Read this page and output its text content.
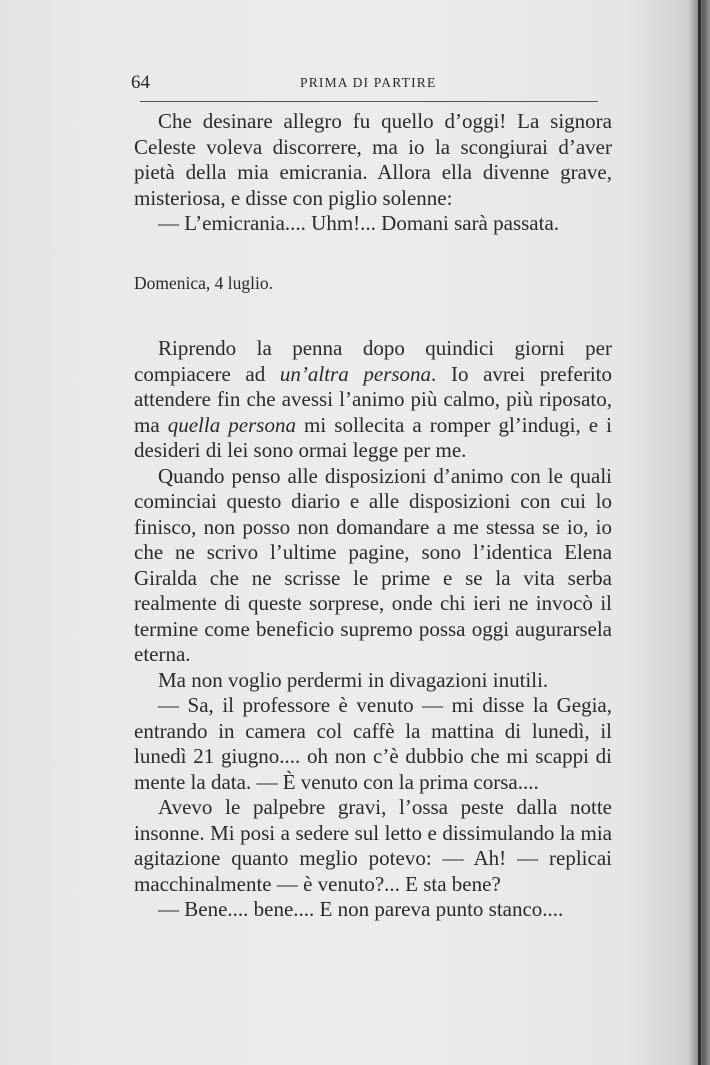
64	PRIMA DI PARTIRE

Che desinare allegro fu quello d’oggi! La signora Celeste voleva discorrere, ma io la scongiurai d’aver pietà della mia emicrania. Allora ella divenne grave, misteriosa, e disse con piglio solenne:

— L’emicrania.... Uhm!... Domani sarà passata.

Domenica, 4 luglio.

Riprendo la penna dopo quindici giorni per compiacere ad un’altra persona. Io avrei preferito attendere fin che avessi l’animo più calmo, più riposato, ma quella persona mi sollecita a romper gl’indugi, e i desideri di lei sono ormai legge per me.

Quando penso alle disposizioni d’animo con le quali cominciai questo diario e alle disposizioni con cui lo finisco, non posso non domandare a me stessa se io, io che ne scrivo l’ultime pagine, sono l’identica Elena Giralda che ne scrisse le prime e se la vita serba realmente di queste sorprese, onde chi ieri ne invocò il termine come beneficio supremo possa oggi augurarsela eterna.

Ma non voglio perdermi in divagazioni inutili.

— Sa, il professore è venuto — mi disse la Gegia, entrando in camera col caffè la mattina di lunedì, il lunedì 21 giugno.... oh non c’è dubbio che mi scappi di mente la data. — È venuto con la prima corsa....

Avevo le palpebre gravi, l’ossa peste dalla notte insonne. Mi posi a sedere sul letto e dissimulando la mia agitazione quanto meglio potevo: — Ah! — replicai macchinalmente — è venuto?... E sta bene?

— Bene.... bene.... E non pareva punto stanco....
